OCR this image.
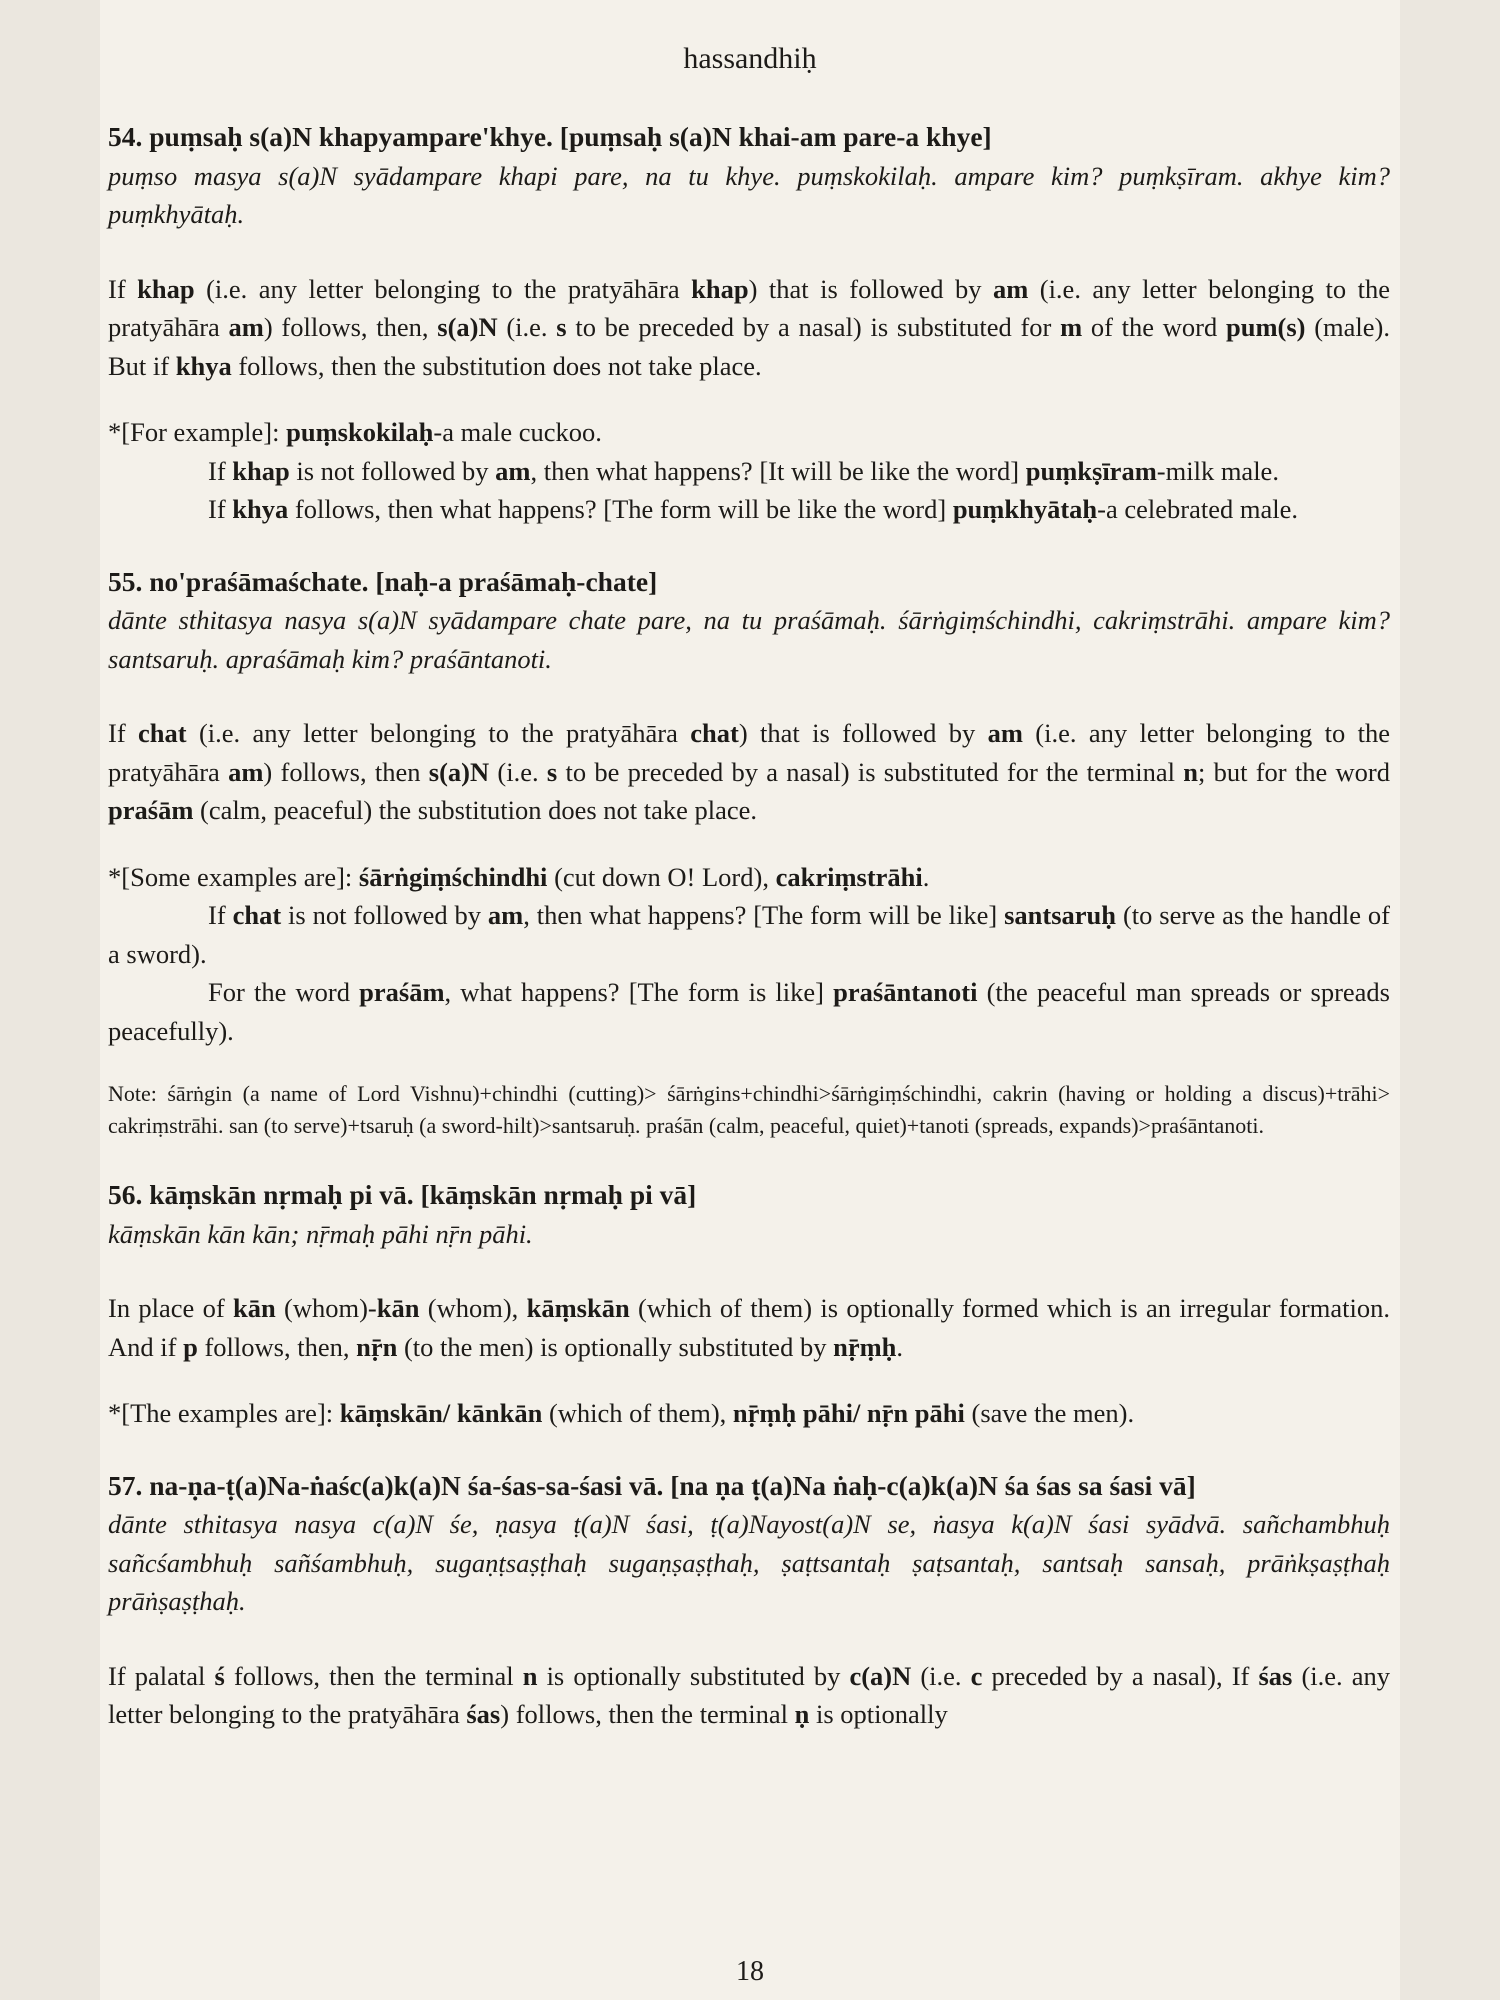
hassandhiḥ

54. puṃsaḥ s(a)N khapyampare'khye. [puṃsaḥ s(a)N khai-am pare-a khye]

puṃso masya s(a)N syādampare khapi pare, na tu khye. puṃskokilaḥ. ampare kim? puṃkṣīram. akhye kim? puṃkhyātaḥ.

If khap (i.e. any letter belonging to the pratyāhāra khap) that is followed by am (i.e. any letter belonging to the pratyāhāra am) follows, then, s(a)N (i.e. s to be preceded by a nasal) is substituted for m of the word pum(s) (male). But if khya follows, then the substitution does not take place.

*[For example]: puṃskokilaḥ-a male cuckoo.

If khap is not followed by am, then what happens? [It will be like the word] puṃkṣīram-milk male.

If khya follows, then what happens? [The form will be like the word] puṃkhyātaḥ-a celebrated male.

55. no'praśāmaśchate. [naḥ-a praśāmaḥ-chate]

dānte sthitasya nasya s(a)N syādampare chate pare, na tu praśāmaḥ. śārṅgiṃśchindhi, cakriṃstrāhi. ampare kim? santsaruḥ. apraśāmaḥ kim? praśāntanoti.

If chat (i.e. any letter belonging to the pratyāhāra chat) that is followed by am (i.e. any letter belonging to the pratyāhāra am) follows, then s(a)N (i.e. s to be preceded by a nasal) is substituted for the terminal n; but for the word praśām (calm, peaceful) the substitution does not take place.

*[Some examples are]: śārṅgiṃśchindhi (cut down O! Lord), cakriṃstrāhi.

If chat is not followed by am, then what happens? [The form will be like] santsaruḥ (to serve as the handle of a sword).

For the word praśām, what happens? [The form is like] praśāntanoti (the peaceful man spreads or spreads peacefully).

Note: śārṅgin (a name of Lord Vishnu)+chindhi (cutting)> śārṅgins+chindhi>śārṅgiṃśchindhi, cakrin (having or holding a discus)+trāhi> cakriṃstrāhi. san (to serve)+tsaruḥ (a sword-hilt)>santsaruḥ. praśān (calm, peaceful, quiet)+tanoti (spreads, expands)>praśāntanoti.

56. kāṃskān nṛmaḥ pi vā. [kāṃskān nṛmaḥ pi vā]

kāṃskān kān kān; nṝmaḥ pāhi nṝn pāhi.

In place of kān (whom)-kān (whom), kāṃskān (which of them) is optionally formed which is an irregular formation. And if p follows, then, nṝn (to the men) is optionally substituted by nṝṃḥ.

*[The examples are]: kāṃskān/ kānkān (which of them), nṝṃḥ pāhi/ nṝn pāhi (save the men).

57. na-ṇa-ṭ(a)Na-ṅaśc(a)k(a)N śa-śas-sa-śasi vā. [na ṇa ṭ(a)Na ṅaḥ-c(a)k(a)N śa śas sa śasi vā]

dānte sthitasya nasya c(a)N śe, ṇasya ṭ(a)N śasi, ṭ(a)Nayost(a)N se, ṅasya k(a)N śasi syādvā. sañchambhuḥ sañcśambhuḥ sañśambhuḥ, sugaṇṭsaṣṭhaḥ sugaṇṣaṣṭhaḥ, ṣaṭtsantaḥ ṣaṭsantaḥ, santsaḥ sansaḥ, prāṅkṣaṣṭhaḥ prāṅṣaṣṭhaḥ.

If palatal ś follows, then the terminal n is optionally substituted by c(a)N (i.e. c preceded by a nasal), If śas (i.e. any letter belonging to the pratyāhāra śas) follows, then the terminal ṇ is optionally

18
